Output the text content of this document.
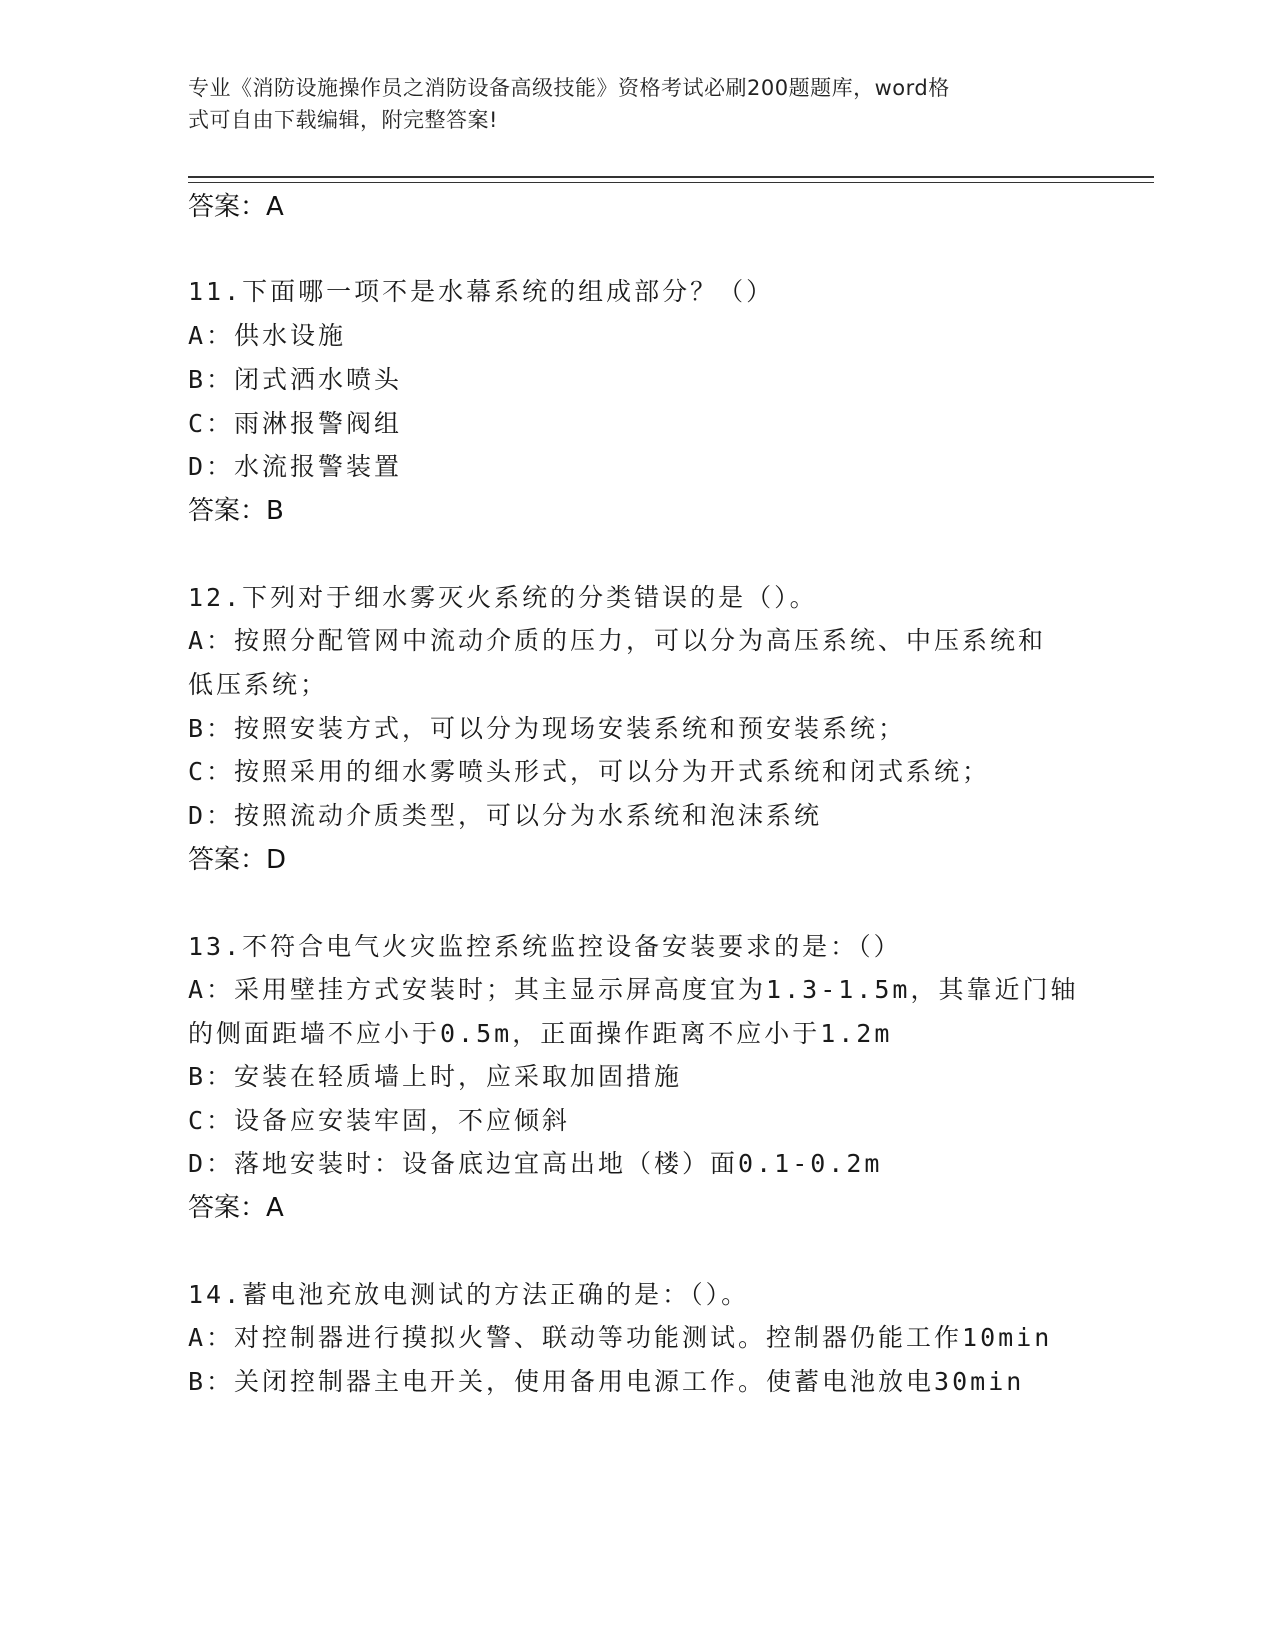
专业《消防设施操作员之消防设备高级技能》资格考试必刷200题题库，word格
式可自由下载编辑，附完整答案!
答案：A
11.下面哪一项不是水幕系统的组成部分？（）
A：供水设施
B：闭式洒水喷头
C：雨淋报警阀组
D：水流报警装置
答案：B
12.下列对于细水雾灭火系统的分类错误的是（）。
A：按照分配管网中流动介质的压力，可以分为高压系统、中压系统和
低压系统；
B：按照安装方式，可以分为现场安装系统和预安装系统；
C：按照采用的细水雾喷头形式，可以分为开式系统和闭式系统；
D：按照流动介质类型，可以分为水系统和泡沫系统
答案：D
13.不符合电气火灾监控系统监控设备安装要求的是：（）
A：采用壁挂方式安装时；其主显示屏高度宜为1.3-1.5m，其靠近门轴
的侧面距墙不应小于0.5m，正面操作距离不应小于1.2m
B：安装在轻质墙上时，应采取加固措施
C：设备应安装牢固，不应倾斜
D：落地安装时：设备底边宜高出地（楼）面0.1-0.2m
答案：A
14.蓄电池充放电测试的方法正确的是：（）。
A：对控制器进行摸拟火警、联动等功能测试。控制器仍能工作10min
B：关闭控制器主电开关，使用备用电源工作。使蓄电池放电30min
